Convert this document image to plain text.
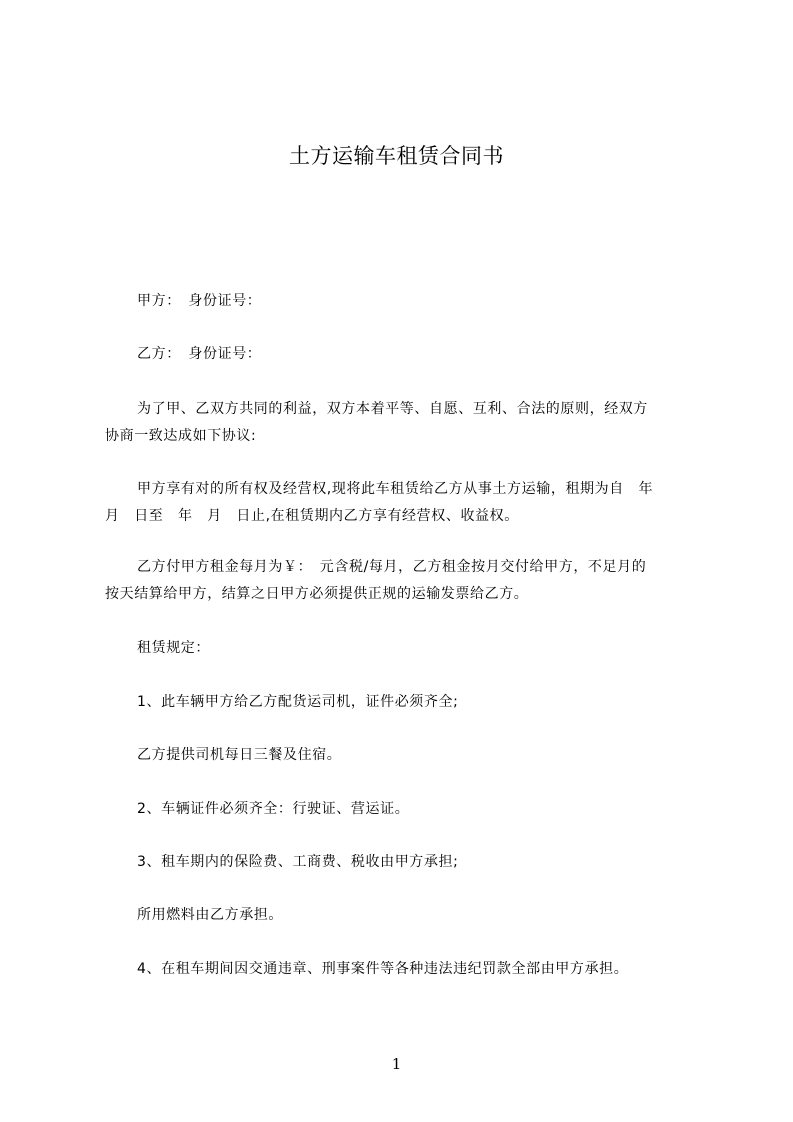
土方运输车租赁合同书
甲方：　身份证号：
乙方：　身份证号：
为了甲、乙双方共同的利益，双方本着平等、自愿、互利、合法的原则，经双方
协商一致达成如下协议:
甲方享有对的所有权及经营权,现将此车租赁给乙方从事土方运输，租期为自　年
月　日至　年　月　日止,在租赁期内乙方享有经营权、收益权。
乙方付甲方租金每月为￥：　元含税/每月，乙方租金按月交付给甲方，不足月的
按天结算给甲方，结算之日甲方必须提供正规的运输发票给乙方。
租赁规定：
1、此车辆甲方给乙方配货运司机，证件必须齐全;
乙方提供司机每日三餐及住宿。
2、车辆证件必须齐全：行驶证、营运证。
3、租车期内的保险费、工商费、税收由甲方承担;
所用燃料由乙方承担。
4、在租车期间因交通违章、刑事案件等各种违法违纪罚款全部由甲方承担。
1
